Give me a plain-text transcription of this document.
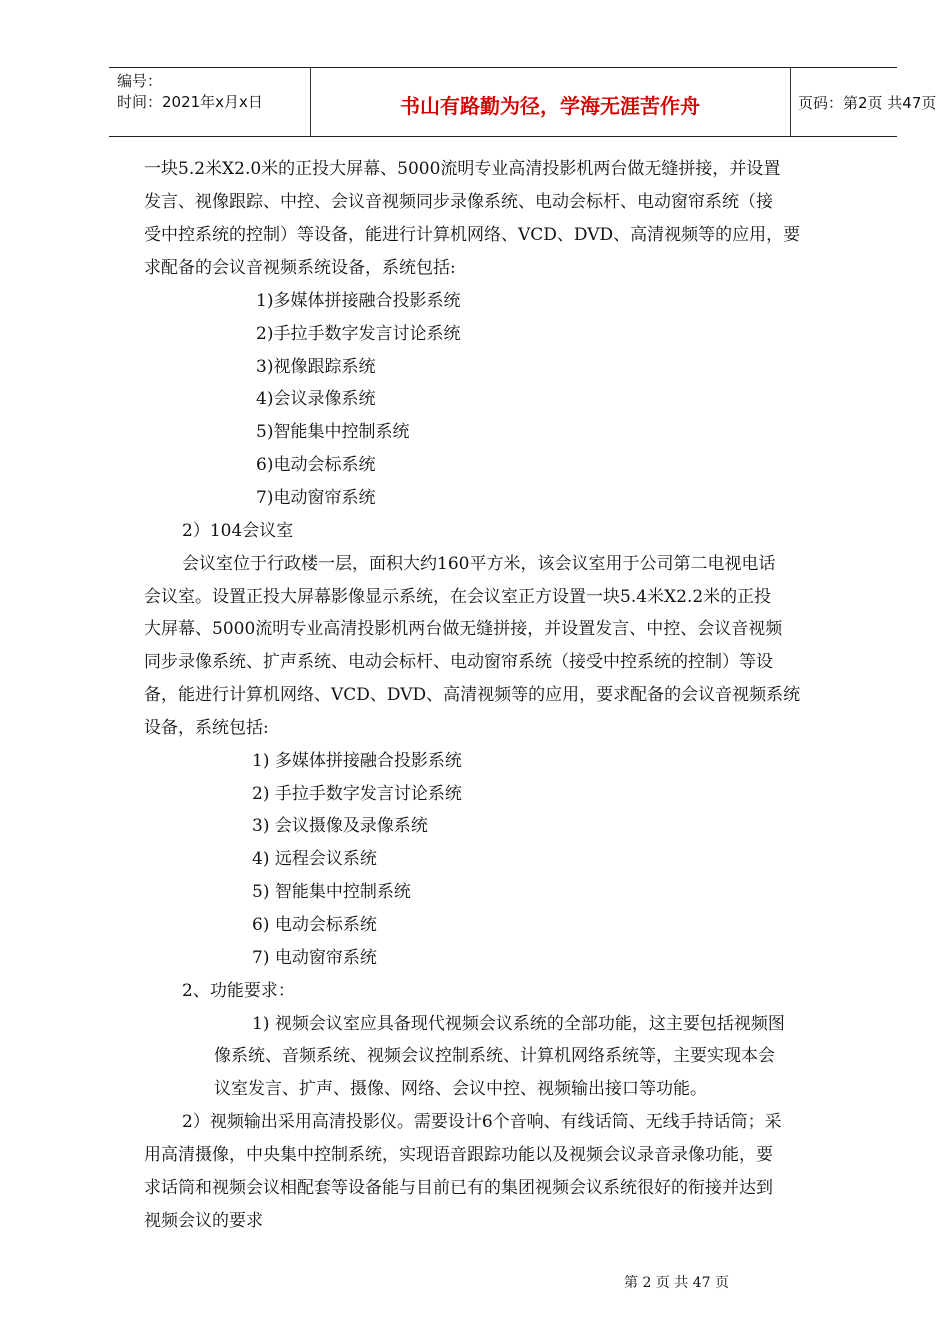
编号：
时间：2021年x月x日	书山有路勤为径，学海无涯苦作舟	页码：第2页 共47页
一块5.2米X2.0米的正投大屏幕、5000流明专业高清投影机两台做无缝拼接，并设置
发言、视像跟踪、中控、会议音视频同步录像系统、电动会标杆、电动窗帘系统（接
受中控系统的控制）等设备，能进行计算机网络、VCD、DVD、高清视频等的应用，要
求配备的会议音视频系统设备，系统包括:
1)多媒体拼接融合投影系统
2)手拉手数字发言讨论系统
3)视像跟踪系统
4)会议录像系统
5)智能集中控制系统
6)电动会标系统
7)电动窗帘系统
2）104会议室
会议室位于行政楼一层，面积大约160平方米，该会议室用于公司第二电视电话
会议室。设置正投大屏幕影像显示系统，在会议室正方设置一块5.4米X2.2米的正投
大屏幕、5000流明专业高清投影机两台做无缝拼接，并设置发言、中控、会议音视频
同步录像系统、扩声系统、电动会标杆、电动窗帘系统（接受中控系统的控制）等设
备，能进行计算机网络、VCD、DVD、高清视频等的应用，要求配备的会议音视频系统
设备，系统包括:
1) 多媒体拼接融合投影系统
2) 手拉手数字发言讨论系统
3) 会议摄像及录像系统
4) 远程会议系统
5) 智能集中控制系统
6) 电动会标系统
7) 电动窗帘系统
2、功能要求：
1) 视频会议室应具备现代视频会议系统的全部功能，这主要包括视频图
像系统、音频系统、视频会议控制系统、计算机网络系统等，主要实现本会
议室发言、扩声、摄像、网络、会议中控、视频输出接口等功能。
2）视频输出采用高清投影仪。需要设计6个音响、有线话筒、无线手持话筒；采
用高清摄像，中央集中控制系统，实现语音跟踪功能以及视频会议录音录像功能，要
求话筒和视频会议相配套等设备能与目前已有的集团视频会议系统很好的衔接并达到
视频会议的要求
第 2 页 共 47 页
